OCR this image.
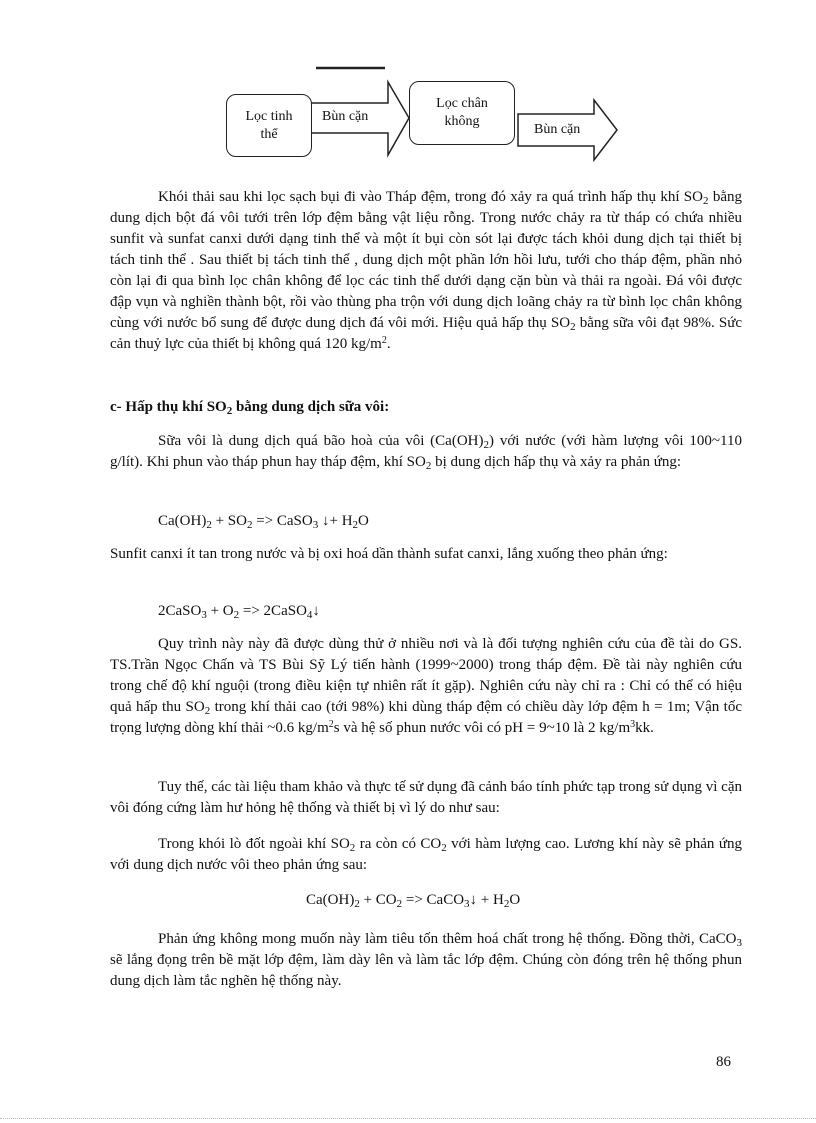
Lọc tinh thể
Bùn cặn
Lọc chân không
Bùn cặn

Khói thải sau khi lọc sạch bụi đi vào Tháp đệm, trong đó xảy ra quá trình hấp thụ khí $SO_2$ bằng dung dịch bột đá vôi tưới trên lớp đệm bằng vật liệu rỗng. Trong nước chảy ra từ tháp có chứa nhiều sunfit và sunfat canxi dưới dạng tinh thể và một ít bụi còn sót lại được tách khỏi dung dịch tại thiết bị tách tinh thể . Sau thiết bị tách tinh thể , dung dịch một phần lớn hồi lưu, tưới cho tháp đệm, phần nhỏ còn lại đi qua bình lọc chân không để lọc các tinh thể dưới dạng cặn bùn và thải ra ngoài. Đá vôi được đập vụn và nghiền thành bột, rồi vào thùng pha trộn với dung dịch loãng chảy ra từ bình lọc chân không cùng với nước bổ sung để được dung dịch đá vôi mới. Hiệu quả hấp thụ $SO_2$ bằng sữa vôi đạt 98%. Sức cản thuỷ lực của thiết bị không quá 120 $kg/m^2$.

c- Hấp thụ khí $SO_2$ bằng dung dịch sữa vôi:

Sữa vôi là dung dịch quá bão hoà của vôi $(Ca(OH)_2)$ với nước (với hàm lượng vôi 100~110 g/lít). Khi phun vào tháp phun hay tháp đệm, khí $SO_2$ bị dung dịch hấp thụ và xảy ra phản ứng:

$Ca(OH)_2 + SO_2$ => CaSO$_3$ ↓+ $H_2O$

Sunfit canxi ít tan trong nước và bị oxi hoá dần thành sufat canxi, lắng xuống theo phản ứng:

2CaSO$_3$ + $O_2$ => 2CaSO$_4$↓

Quy trình này này đã được dùng thử ở nhiều nơi và là đối tượng nghiên cứu của đề tài do GS. TS.Trần Ngọc Chấn và TS Bùi Sỹ Lý tiến hành (1999~2000) trong tháp đệm. Đề tài này nghiên cứu trong chế độ khí nguội (trong điều kiện tự nhiên rất ít gặp). Nghiên cứu này chỉ ra : Chỉ có thể có hiệu quả hấp thu $SO_2$ trong khí thải cao (tới 98%) khi dùng tháp đệm có chiều dày lớp đệm h = 1m; Vận tốc trọng lượng dòng khí thải ~0.6 $kg/m^2s$ và hệ số phun nước vôi có pH = 9~10 là 2 $kg/m^3kk$.

Tuy thế, các tài liệu tham khảo và thực tế sử dụng đã cảnh báo tính phức tạp trong sử dụng vì cặn vôi đóng cứng làm hư hỏng hệ thống và thiết bị vì lý do như sau:

Trong khói lò đốt ngoài khí $SO_2$ ra còn có $CO_2$ với hàm lượng cao. Lương khí này sẽ phản ứng với dung dịch nước vôi theo phản ứng sau:

$Ca(OH)_2 + CO_2$ => CaCO$_3$↓ + $H_2O$

Phản ứng không mong muốn này làm tiêu tốn thêm hoá chất trong hệ thống. Đồng thời, CaCO$_3$ sẽ lắng đọng trên bề mặt lớp đệm, làm dày lên và làm tắc lớp đệm. Chúng còn đóng trên hệ thống phun dung dịch làm tắc nghẽn hệ thống này.

86
